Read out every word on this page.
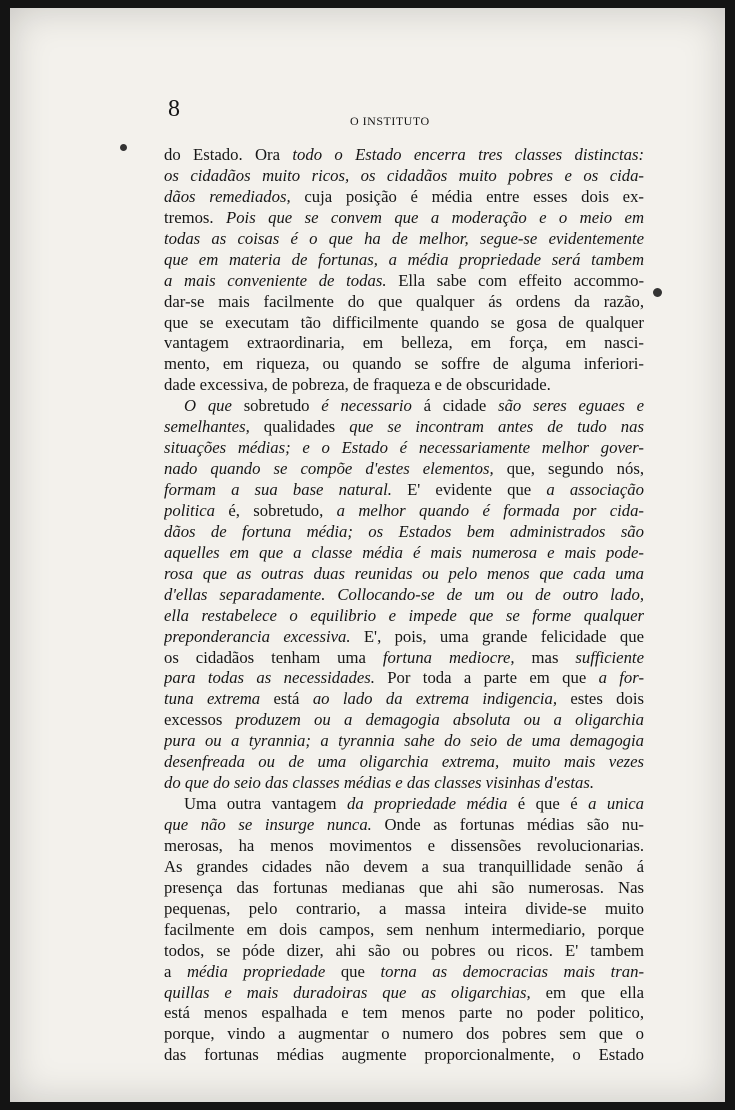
8	O INSTITUTO
do Estado. Ora todo o Estado encerra tres classes distinctas:
os cidadãos muito ricos, os cidadãos muito pobres e os cida-
dãos remediados, cuja posição é média entre esses dois ex-
tremos. Pois que se convem que a moderação e o meio em
todas as coisas é o que ha de melhor, segue-se evidentemente
que em materia de fortunas, a média propriedade será tambem
a mais conveniente de todas. Ella sabe com effeito accommo-
dar-se mais facilmente do que qualquer ás ordens da razão,
que se executam tão difficilmente quando se gosa de qualquer
vantagem extraordinaria, em belleza, em força, em nasci-
mento, em riqueza, ou quando se soffre de alguma inferiori-
dade excessiva, de pobreza, de fraqueza e de obscuridade.
O que sobretudo é necessario á cidade são seres eguaes e
semelhantes, qualidades que se incontram antes de tudo nas
situações médias; e o Estado é necessariamente melhor gover-
nado quando se compõe d'estes elementos, que, segundo nós,
formam a sua base natural. E' evidente que a associação
politica é, sobretudo, a melhor quando é formada por cida-
dãos de fortuna média; os Estados bem administrados são
aquelles em que a classe média é mais numerosa e mais pode-
rosa que as outras duas reunidas ou pelo menos que cada uma
d'ellas separadamente. Collocando-se de um ou de outro lado,
ella restabelece o equilibrio e impede que se forme qualquer
preponderancia excessiva. E', pois, uma grande felicidade que
os cidadãos tenham uma fortuna mediocre, mas sufficiente
para todas as necessidades. Por toda a parte em que a for-
tuna extrema está ao lado da extrema indigencia, estes dois
excessos produzem ou a demagogia absoluta ou a oligarchia
pura ou a tyrannia; a tyrannia sahe do seio de uma demagogia
desenfreada ou de uma oligarchia extrema, muito mais vezes
do que do seio das classes médias e das classes visinhas d'estas.
Uma outra vantagem da propriedade média é que é a unica
que não se insurge nunca. Onde as fortunas médias são nu-
merosas, ha menos movimentos e dissensões revolucionarias.
As grandes cidades não devem a sua tranquillidade senão á
presença das fortunas medianas que ahi são numerosas. Nas
pequenas, pelo contrario, a massa inteira divide-se muito
facilmente em dois campos, sem nenhum intermediario, porque
todos, se póde dizer, ahi são ou pobres ou ricos. E' tambem
a média propriedade que torna as democracias mais tran-
quillas e mais duradoiras que as oligarchias, em que ella
está menos espalhada e tem menos parte no poder politico,
porque, vindo a augmentar o numero dos pobres sem que o
das fortunas médias augmente proporcionalmente, o Estado
